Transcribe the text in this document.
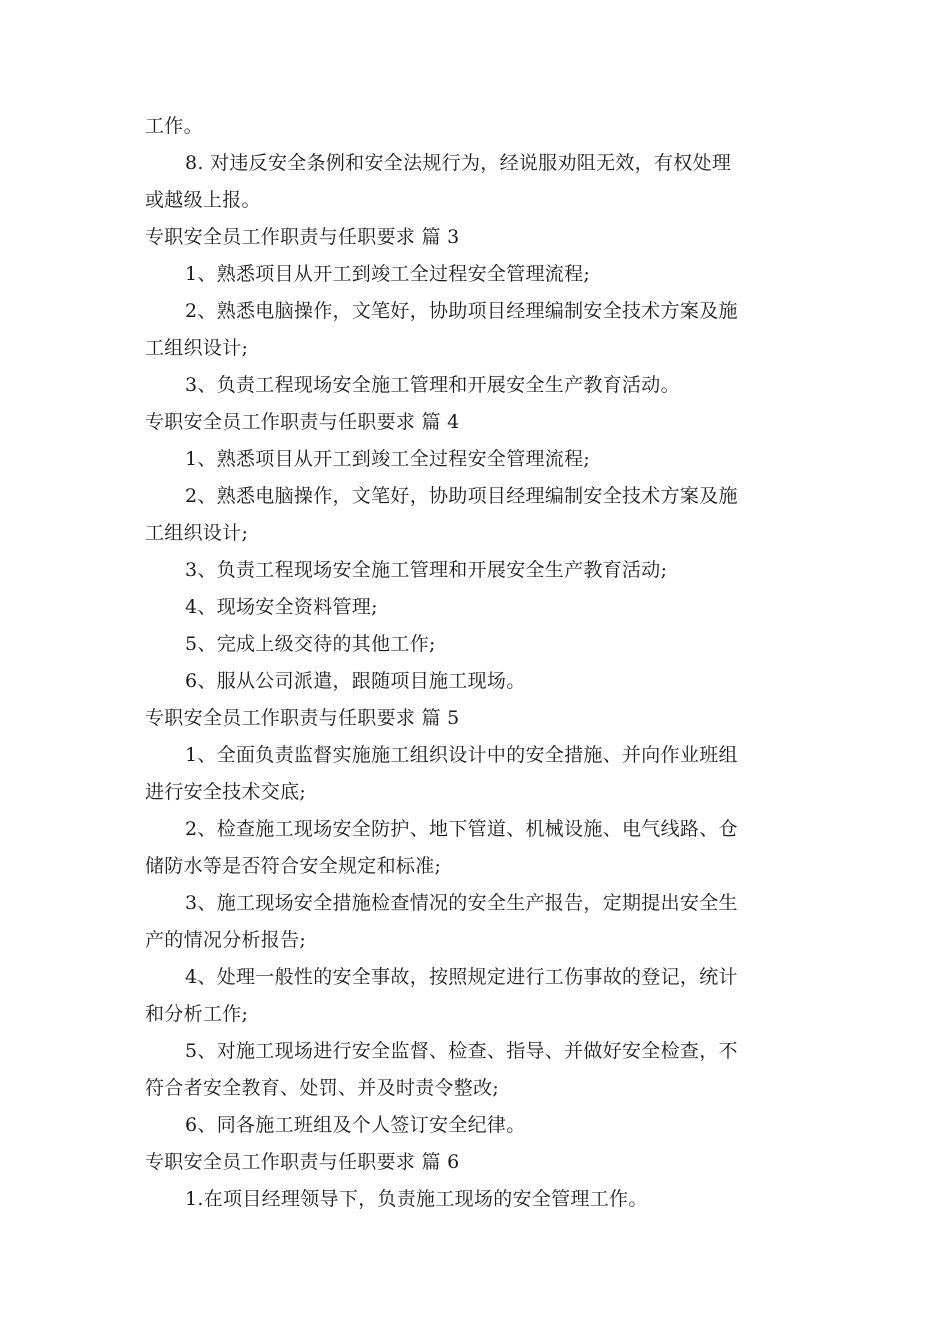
工作。
8. 对违反安全条例和安全法规行为，经说服劝阻无效，有权处理
或越级上报。
专职安全员工作职责与任职要求 篇 3
1、熟悉项目从开工到竣工全过程安全管理流程;
2、熟悉电脑操作，文笔好，协助项目经理编制安全技术方案及施
工组织设计;
3、负责工程现场安全施工管理和开展安全生产教育活动。
专职安全员工作职责与任职要求 篇 4
1、熟悉项目从开工到竣工全过程安全管理流程;
2、熟悉电脑操作，文笔好，协助项目经理编制安全技术方案及施
工组织设计;
3、负责工程现场安全施工管理和开展安全生产教育活动;
4、现场安全资料管理;
5、完成上级交待的其他工作;
6、服从公司派遣，跟随项目施工现场。
专职安全员工作职责与任职要求 篇 5
1、全面负责监督实施施工组织设计中的安全措施、并向作业班组
进行安全技术交底;
2、检查施工现场安全防护、地下管道、机械设施、电气线路、仓
储防水等是否符合安全规定和标准;
3、施工现场安全措施检查情况的安全生产报告，定期提出安全生
产的情况分析报告;
4、处理一般性的安全事故，按照规定进行工伤事故的登记，统计
和分析工作;
5、对施工现场进行安全监督、检查、指导、并做好安全检查，不
符合者安全教育、处罚、并及时责令整改;
6、同各施工班组及个人签订安全纪律。
专职安全员工作职责与任职要求 篇 6
1.在项目经理领导下，负责施工现场的安全管理工作。
